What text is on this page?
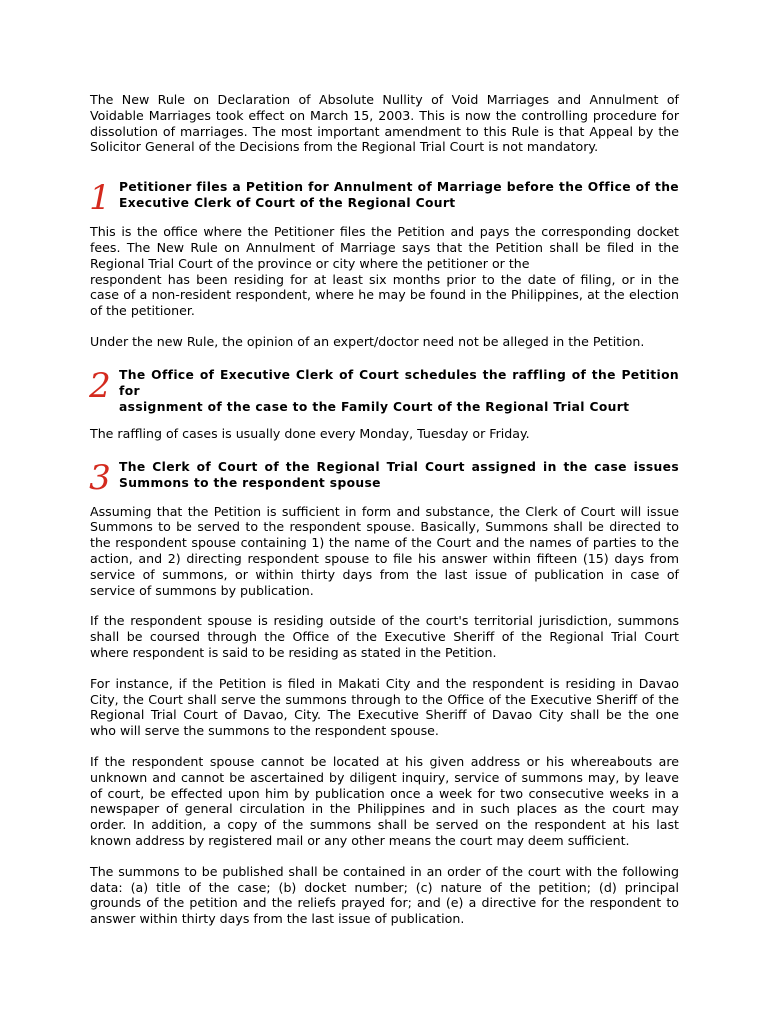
The New Rule on Declaration of Absolute Nullity of Void Marriages and Annulment of
Voidable Marriages took effect on March 15, 2003. This is now the controlling procedure for
dissolution of marriages. The most important amendment to this Rule is that Appeal by the
Solicitor General of the Decisions from the Regional Trial Court is not mandatory.

1 Petitioner files a Petition for Annulment of Marriage before the Office of the
Executive Clerk of Court of the Regional Court

This is the office where the Petitioner files the Petition and pays the corresponding docket
fees. The New Rule on Annulment of Marriage says that the Petition shall be filed in the
Regional Trial Court of the province or city where the petitioner or the
respondent has been residing for at least six months prior to the date of filing, or in the
case of a non-resident respondent, where he may be found in the Philippines, at the election
of the petitioner.

Under the new Rule, the opinion of an expert/doctor need not be alleged in the Petition.

2 The Office of Executive Clerk of Court schedules the raffling of the Petition for
assignment of the case to the Family Court of the Regional Trial Court

The raffling of cases is usually done every Monday, Tuesday or Friday.

3 The Clerk of Court of the Regional Trial Court assigned in the case issues
Summons to the respondent spouse

Assuming that the Petition is sufficient in form and substance, the Clerk of Court will issue
Summons to be served to the respondent spouse. Basically, Summons shall be directed to
the respondent spouse containing 1) the name of the Court and the names of parties to the
action, and 2) directing respondent spouse to file his answer within fifteen (15) days from
service of summons, or within thirty days from the last issue of publication in case of
service of summons by publication.

If the respondent spouse is residing outside of the court's territorial jurisdiction, summons
shall be coursed through the Office of the Executive Sheriff of the Regional Trial Court
where respondent is said to be residing as stated in the Petition.

For instance, if the Petition is filed in Makati City and the respondent is residing in Davao
City, the Court shall serve the summons through to the Office of the Executive Sheriff of the
Regional Trial Court of Davao, City. The Executive Sheriff of Davao City shall be the one
who will serve the summons to the respondent spouse.

If the respondent spouse cannot be located at his given address or his whereabouts are
unknown and cannot be ascertained by diligent inquiry, service of summons may, by leave
of court, be effected upon him by publication once a week for two consecutive weeks in a
newspaper of general circulation in the Philippines and in such places as the court may
order. In addition, a copy of the summons shall be served on the respondent at his last
known address by registered mail or any other means the court may deem sufficient.

The summons to be published shall be contained in an order of the court with the following
data: (a) title of the case; (b) docket number; (c) nature of the petition; (d) principal
grounds of the petition and the reliefs prayed for; and (e) a directive for the respondent to
answer within thirty days from the last issue of publication.
